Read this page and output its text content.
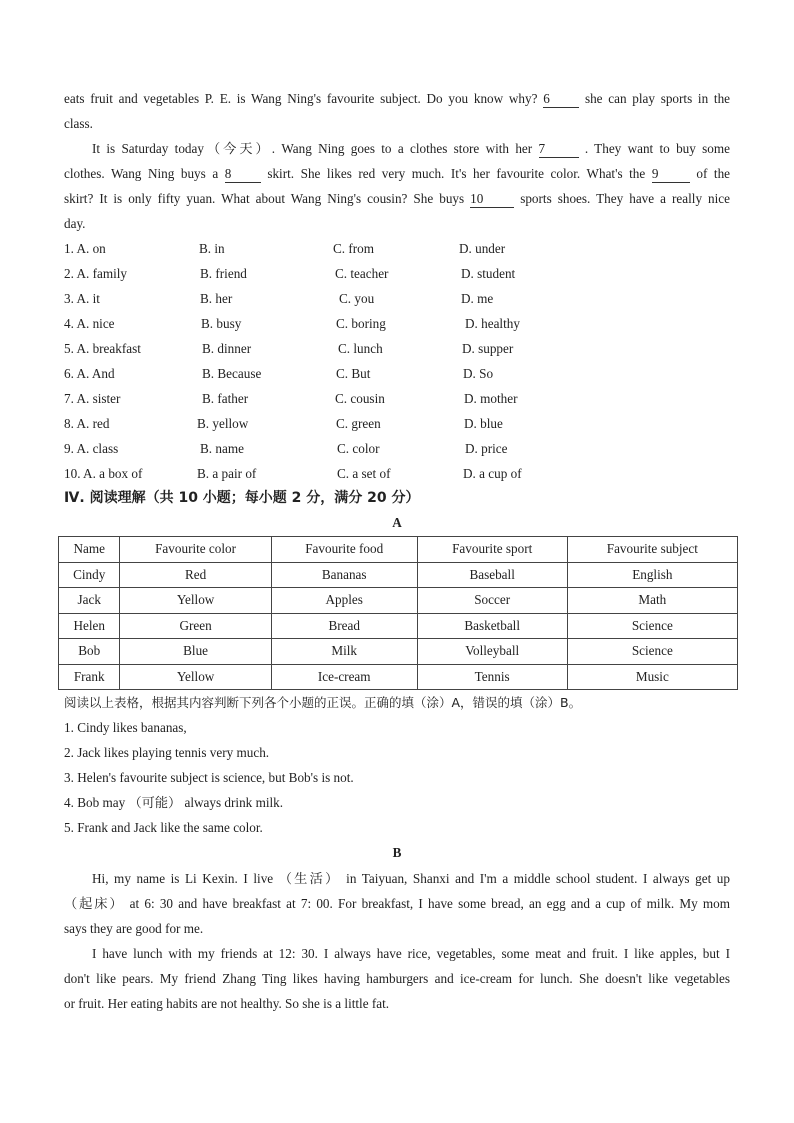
eats fruit and vegetables P. E. is Wang Ning's favourite subject. Do you know why? 6	she can play sports in the
class.
It is Saturday today（今天）. Wang Ning goes to a clothes store with her 7	. They want to buy some
clothes. Wang Ning buys a 8	skirt. She likes red very much. It's her favourite color. What's the 9	of the
skirt? It is only fifty yuan. What about Wang Ning's cousin? She buys 10	sports shoes. They have a really nice
day.
1. A. on	B. in	C. from	D. under
2. A. family	B. friend	C. teacher	D. student
3. A. it	B. her	C. you	D. me
4. A. nice	B. busy	C. boring	D. healthy
5. A. breakfast	B. dinner	C. lunch	D. supper
6. A. And	B. Because	C. But	D. So
7. A. sister	B. father	C. cousin	D. mother
8. A. red	B. yellow	C. green	D. blue
9. A. class	B. name	C. color	D. price
10. A. a box of	B. a pair of	C. a set of	D. a cup of
Ⅳ. 阅读理解（共 10 小题；每小题 2 分，满分 20 分）
A
Name	Favourite color	Favourite food	Favourite sport	Favourite subject
Cindy	Red	Bananas	Baseball	English
Jack	Yellow	Apples	Soccer	Math
Helen	Green	Bread	Basketball	Science
Bob	Blue	Milk	Volleyball	Science
Frank	Yellow	Ice-cream	Tennis	Music
阅读以上表格，根据其内容判断下列各个小题的正误。正确的填（涂）A，错误的填（涂）B。
1. Cindy likes bananas,
2. Jack likes playing tennis very much.
3. Helen's favourite subject is science, but Bob's is not.
4. Bob may （可能） always drink milk.
5. Frank and Jack like the same color.
B
Hi, my name is Li Kexin. I live （生活） in Taiyuan, Shanxi and I'm a middle school student. I always get up
（起床） at 6: 30 and have breakfast at 7: 00. For breakfast, I have some bread, an egg and a cup of milk. My mom
says they are good for me.
I have lunch with my friends at 12: 30. I always have rice, vegetables, some meat and fruit. I like apples, but I
don't like pears. My friend Zhang Ting likes having hamburgers and ice-cream for lunch. She doesn't like vegetables
or fruit. Her eating habits are not healthy. So she is a little fat.
